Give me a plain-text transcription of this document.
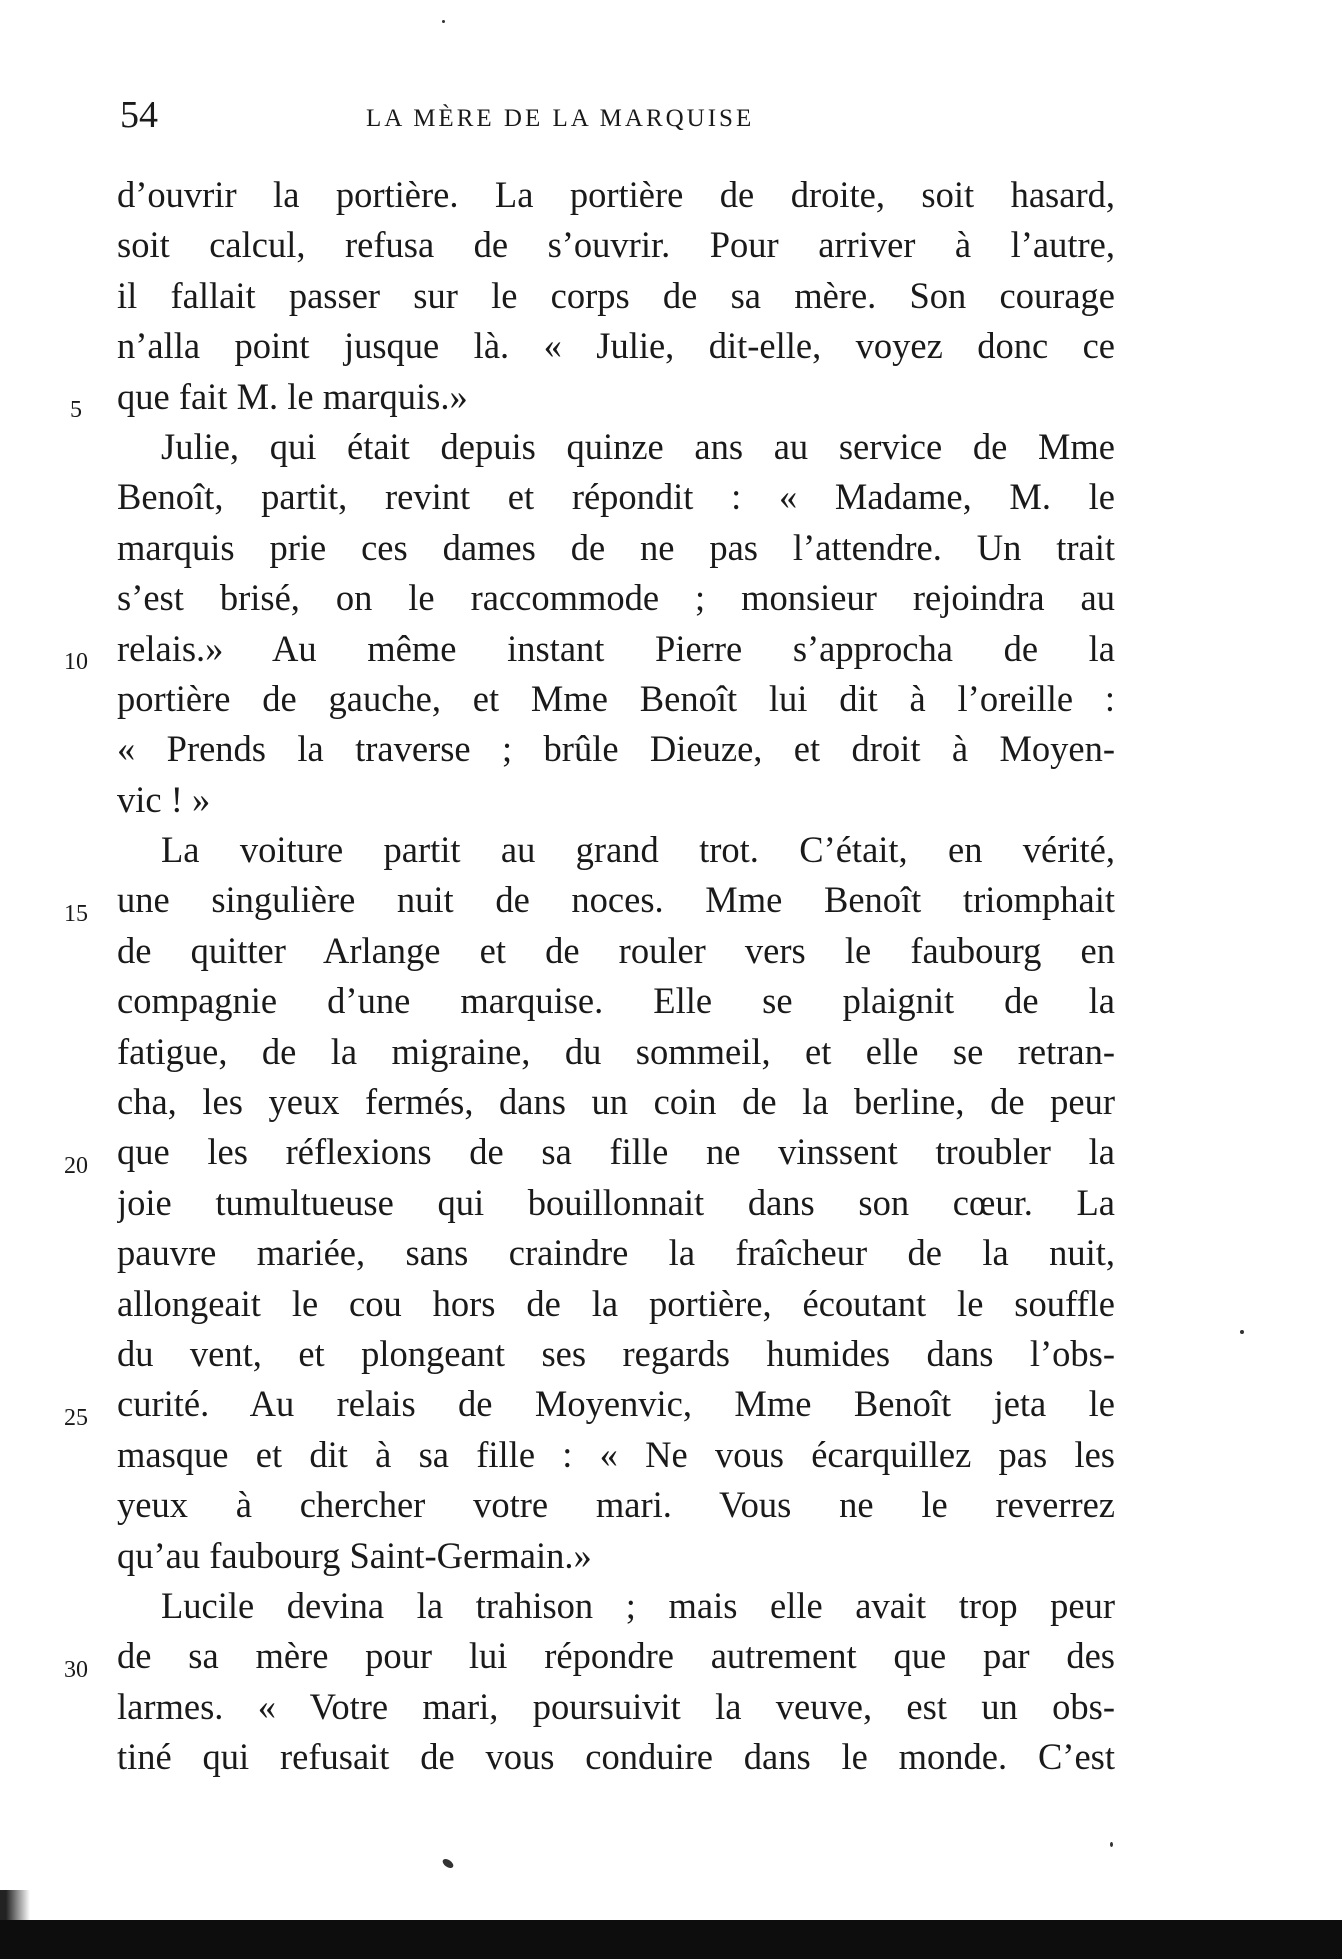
54	LA MÈRE DE LA MARQUISE
d’ouvrir la portière. La portière de droite, soit hasard,
soit calcul, refusa de s’ouvrir. Pour arriver à l’autre,
il fallait passer sur le corps de sa mère. Son courage
n’alla point jusque là. « Julie, dit-elle, voyez donc ce
que fait M. le marquis.»
Julie, qui était depuis quinze ans au service de Mme
Benoît, partit, revint et répondit : « Madame, M. le
marquis prie ces dames de ne pas l’attendre. Un trait
s’est brisé, on le raccommode ; monsieur rejoindra au
relais.» Au même instant Pierre s’approcha de la
portière de gauche, et Mme Benoît lui dit à l’oreille :
« Prends la traverse ; brûle Dieuze, et droit à Moyen-
vic ! »
La voiture partit au grand trot. C’était, en vérité,
une singulière nuit de noces. Mme Benoît triomphait
de quitter Arlange et de rouler vers le faubourg en
compagnie d’une marquise. Elle se plaignit de la
fatigue, de la migraine, du sommeil, et elle se retran-
cha, les yeux fermés, dans un coin de la berline, de peur
que les réflexions de sa fille ne vinssent troubler la
joie tumultueuse qui bouillonnait dans son cœur. La
pauvre mariée, sans craindre la fraîcheur de la nuit,
allongeait le cou hors de la portière, écoutant le souffle
du vent, et plongeant ses regards humides dans l’obs-
curité. Au relais de Moyenvic, Mme Benoît jeta le
masque et dit à sa fille : « Ne vous écarquillez pas les
yeux à chercher votre mari. Vous ne le reverrez
qu’au faubourg Saint-Germain.»
Lucile devina la trahison ; mais elle avait trop peur
de sa mère pour lui répondre autrement que par des
larmes. « Votre mari, poursuivit la veuve, est un obs-
tiné qui refusait de vous conduire dans le monde. C’est
5
10
15
20
25
30
